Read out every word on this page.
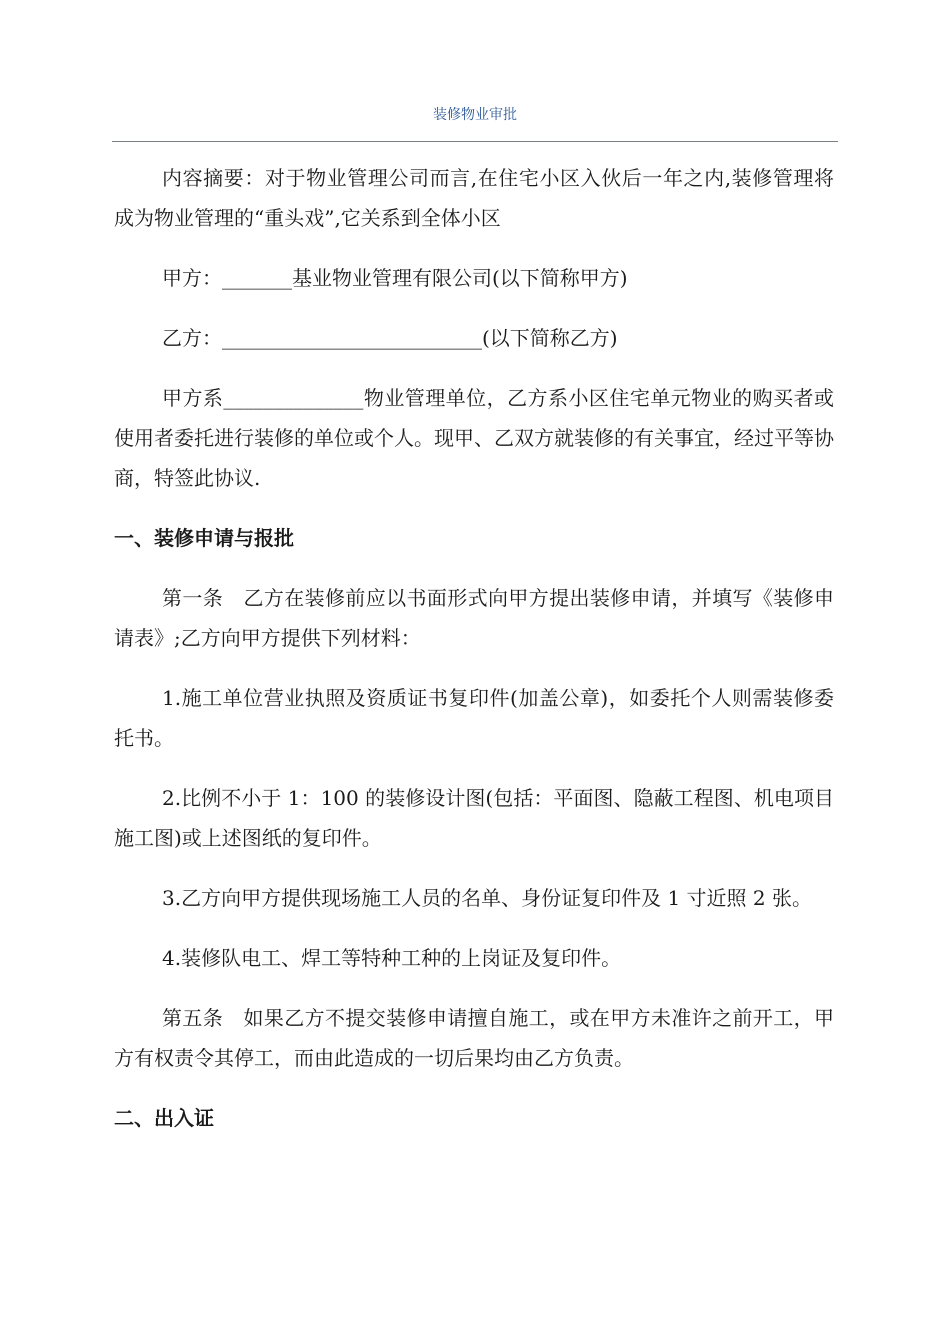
装修物业审批

内容摘要：对于物业管理公司而言,在住宅小区入伙后一年之内,装修管理将成为物业管理的“重头戏”,它关系到全体小区

甲方：_______基业物业管理有限公司(以下简称甲方)

乙方：__________________________(以下简称乙方)

甲方系______________物业管理单位，乙方系小区住宅单元物业的购买者或使用者委托进行装修的单位或个人。现甲、乙双方就装修的有关事宜，经过平等协商，特签此协议.

一、装修申请与报批

第一条　乙方在装修前应以书面形式向甲方提出装修申请，并填写《装修申请表》;乙方向甲方提供下列材料：

1.施工单位营业执照及资质证书复印件(加盖公章)，如委托个人则需装修委托书。

2.比例不小于 1：100 的装修设计图(包括：平面图、隐蔽工程图、机电项目施工图)或上述图纸的复印件。

3.乙方向甲方提供现场施工人员的名单、身份证复印件及 1 寸近照 2 张。

4.装修队电工、焊工等特种工种的上岗证及复印件。

第五条　如果乙方不提交装修申请擅自施工，或在甲方未准许之前开工，甲方有权责令其停工，而由此造成的一切后果均由乙方负责。

二、出入证
